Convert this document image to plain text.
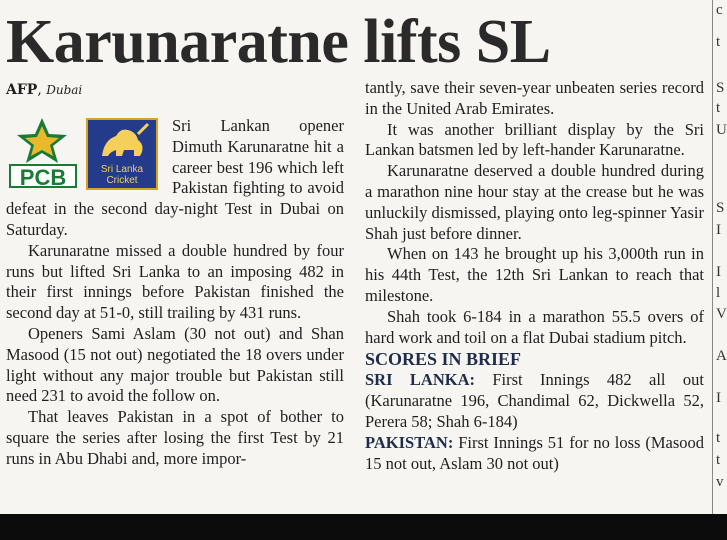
Karunaratne lifts SL
AFP, Dubai
PCB	Sri Lanka
Cricket

Sri Lankan opener Dimuth Karunaratne hit a career best 196 which left Pakistan fighting to avoid defeat in the second day-night Test in Dubai on Saturday.

Karunaratne missed a double hundred by four runs but lifted Sri Lanka to an imposing 482 in their first innings before Pakistan finished the second day at 51-0, still trailing by 431 runs.

Openers Sami Aslam (30 not out) and Shan Masood (15 not out) negotiated the 18 overs under light without any major trouble but Pakistan still need 231 to avoid the follow on.

That leaves Pakistan in a spot of bother to square the series after losing the first Test by 21 runs in Abu Dhabi and, more impor-

tantly, save their seven-year unbeaten series record in the United Arab Emirates.

It was another brilliant display by the Sri Lankan batsmen led by left-hander Karunaratne.

Karunaratne deserved a double hundred during a marathon nine hour stay at the crease but he was unluckily dismissed, playing onto leg-spinner Yasir Shah just before dinner.

When on 143 he brought up his 3,000th run in his 44th Test, the 12th Sri Lankan to reach that milestone.

Shah took 6-184 in a marathon 55.5 overs of hard work and toil on a flat Dubai stadium pitch.

SCORES IN BRIEF

SRI LANKA: First Innings 482 all out (Karunaratne 196, Chandimal 62, Dickwella 52, Perera 58; Shah 6-184)

PAKISTAN: First Innings 51 for no loss (Masood 15 not out, Aslam 30 not out)

c
t
S
t
U
S
I
I
l
V
A
I
t
t
v
